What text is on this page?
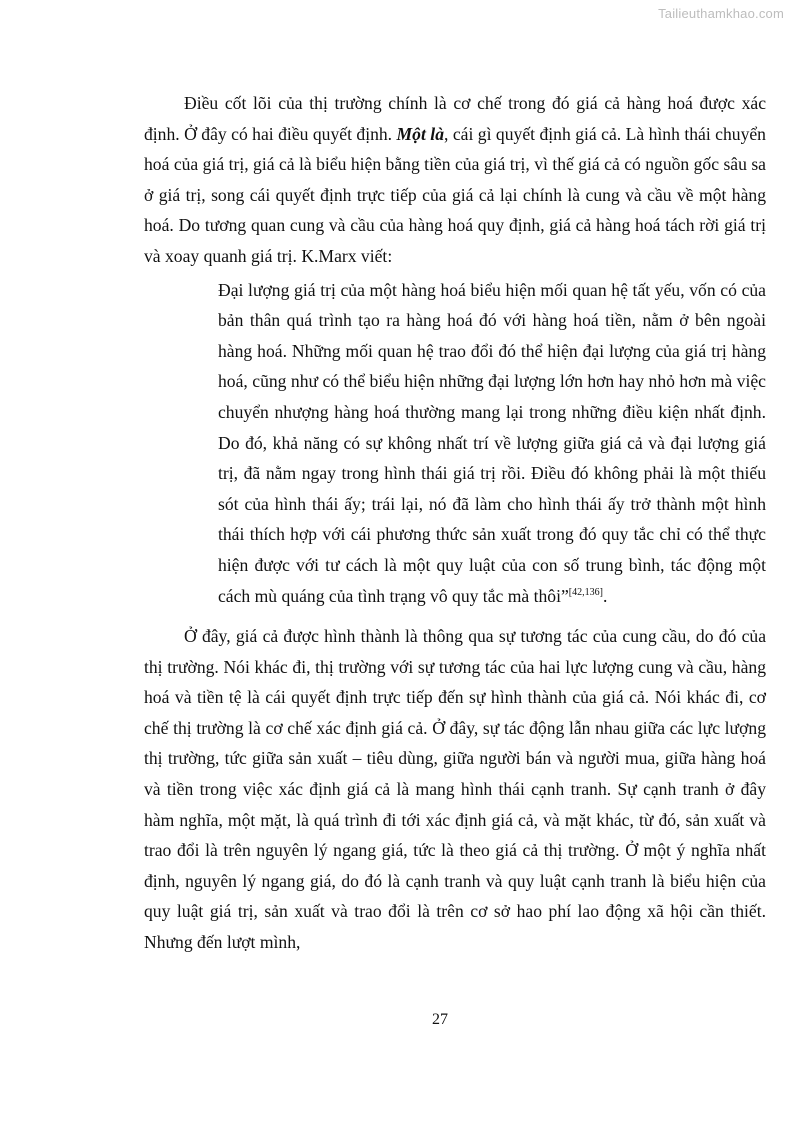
Tailieuthamkhao.com

Điều cốt lõi của thị trường chính là cơ chế trong đó giá cả hàng hoá được xác định. Ở đây có hai điều quyết định. Một là, cái gì quyết định giá cả. Là hình thái chuyển hoá của giá trị, giá cả là biểu hiện bằng tiền của giá trị, vì thế giá cả có nguồn gốc sâu sa ở giá trị, song cái quyết định trực tiếp của giá cả lại chính là cung và cầu về một hàng hoá. Do tương quan cung và cầu của hàng hoá quy định, giá cả hàng hoá tách rời giá trị và xoay quanh giá trị. K.Marx viết:

Đại lượng giá trị của một hàng hoá biểu hiện mối quan hệ tất yếu, vốn có của bản thân quá trình tạo ra hàng hoá đó với hàng hoá tiền, nằm ở bên ngoài hàng hoá. Những mối quan hệ trao đổi đó thể hiện đại lượng của giá trị hàng hoá, cũng như có thể biểu hiện những đại lượng lớn hơn hay nhỏ hơn mà việc chuyển nhượng hàng hoá thường mang lại trong những điều kiện nhất định. Do đó, khả năng có sự không nhất trí về lượng giữa giá cả và đại lượng giá trị, đã nằm ngay trong hình thái giá trị rồi. Điều đó không phải là một thiếu sót của hình thái ấy; trái lại, nó đã làm cho hình thái ấy trở thành một hình thái thích hợp với cái phương thức sản xuất trong đó quy tắc chỉ có thể thực hiện được với tư cách là một quy luật của con số trung bình, tác động một cách mù quáng của tình trạng vô quy tắc mà thôi”[42,136].

Ở đây, giá cả được hình thành là thông qua sự tương tác của cung cầu, do đó của thị trường. Nói khác đi, thị trường với sự tương tác của hai lực lượng cung và cầu, hàng hoá và tiền tệ là cái quyết định trực tiếp đến sự hình thành của giá cả. Nói khác đi, cơ chế thị trường là cơ chế xác định giá cả. Ở đây, sự tác động lẫn nhau giữa các lực lượng thị trường, tức giữa sản xuất – tiêu dùng, giữa người bán và người mua, giữa hàng hoá và tiền trong việc xác định giá cả là mang hình thái cạnh tranh. Sự cạnh tranh ở đây hàm nghĩa, một mặt, là quá trình đi tới xác định giá cả, và mặt khác, từ đó, sản xuất và trao đổi là trên nguyên lý ngang giá, tức là theo giá cả thị trường. Ở một ý nghĩa nhất định, nguyên lý ngang giá, do đó là cạnh tranh và quy luật cạnh tranh là biểu hiện của quy luật giá trị, sản xuất và trao đổi là trên cơ sở hao phí lao động xã hội cần thiết. Nhưng đến lượt mình,

27
